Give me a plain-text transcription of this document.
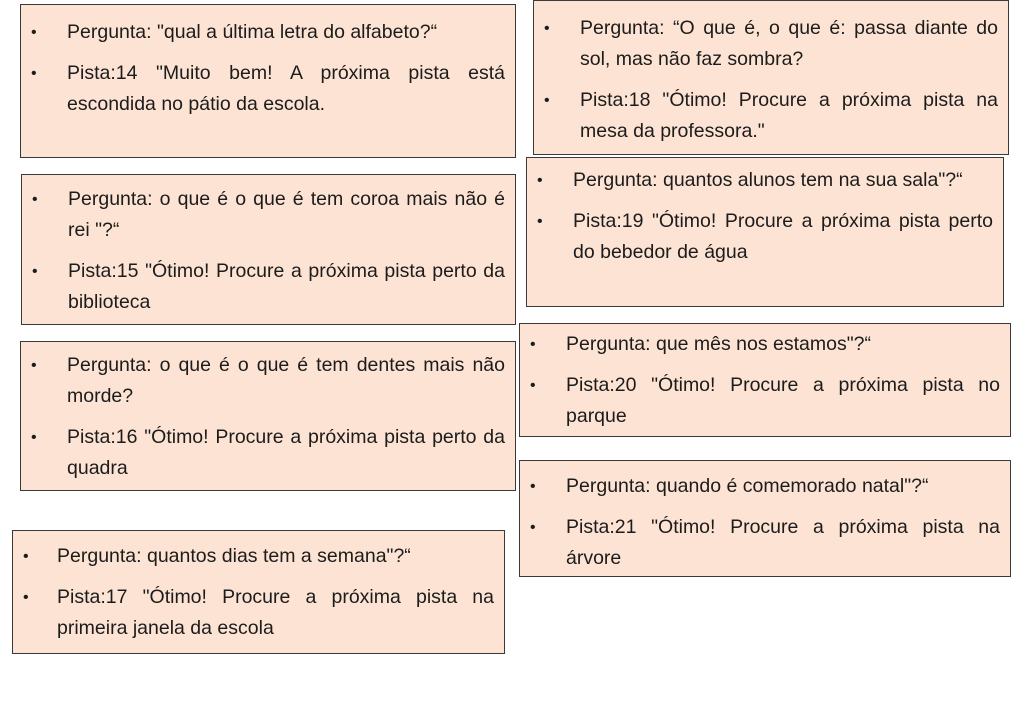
• Pergunta: "qual a última letra do alfabeto?“
• Pista:14 "Muito bem! A próxima pista está escondida no pátio da escola.
• Pergunta: o que é o que é tem coroa mais não é rei "?“
• Pista:15 "Ótimo! Procure a próxima pista perto da biblioteca
• Pergunta: o que é o que é tem dentes mais não morde?
• Pista:16 "Ótimo! Procure a próxima pista perto da quadra
• Pergunta: quantos dias tem a semana"?“
• Pista:17 "Ótimo! Procure a próxima pista na primeira janela da escola
• Pergunta: “O que é, o que é: passa diante do sol, mas não faz sombra?
• Pista:18 "Ótimo! Procure a próxima pista na mesa da professora."
• Pergunta: quantos alunos tem na sua sala"?“
• Pista:19 "Ótimo! Procure a próxima pista perto do bebedor de água
• Pergunta: que mês nos estamos"?“
• Pista:20 "Ótimo! Procure a próxima pista no parque
• Pergunta: quando é comemorado natal"?“
• Pista:21 "Ótimo! Procure a próxima pista na árvore
